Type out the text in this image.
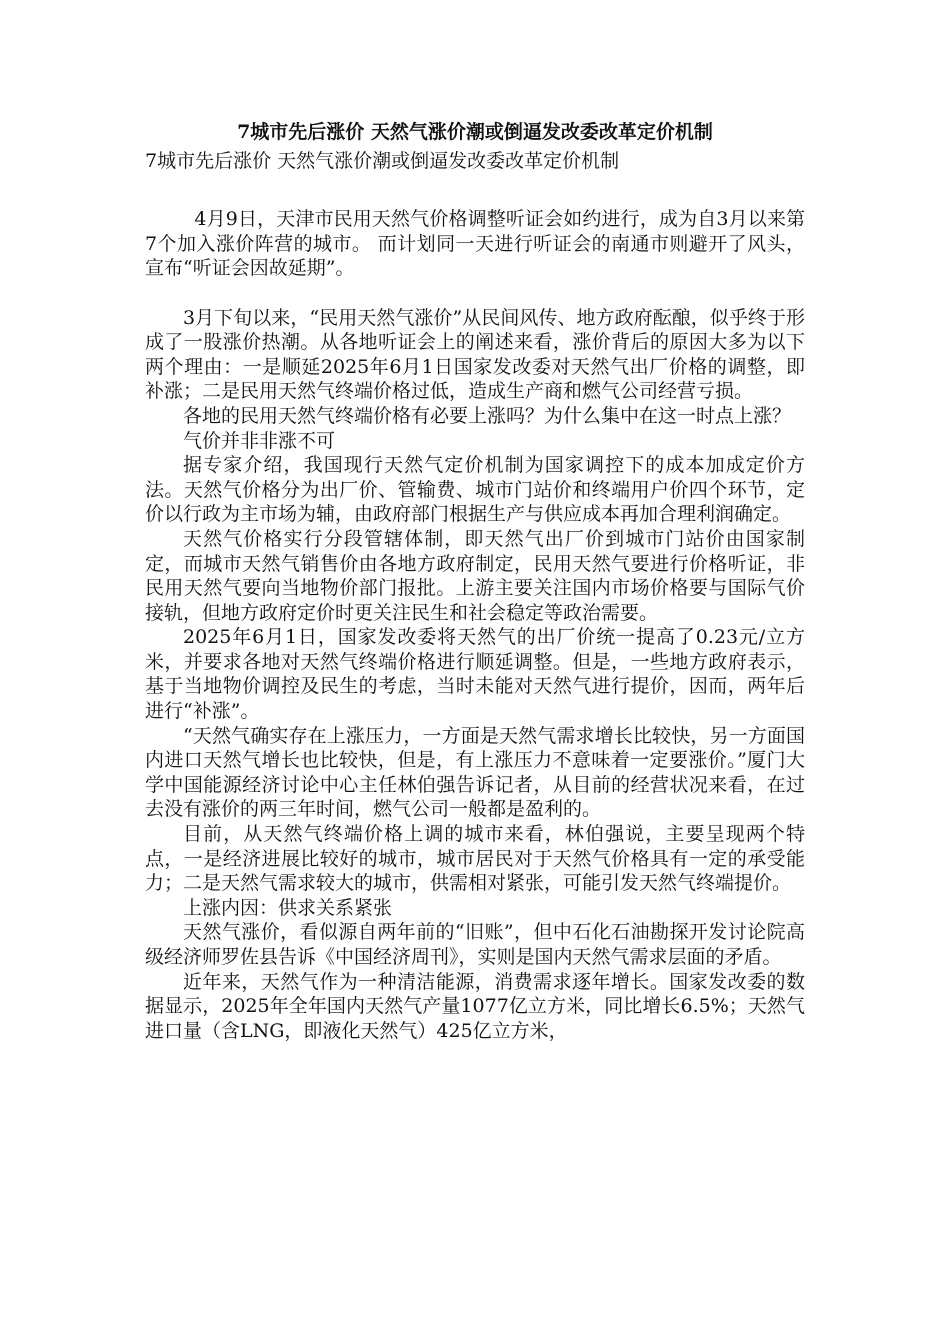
7城市先后涨价 天然气涨价潮或倒逼发改委改革定价机制
7城市先后涨价 天然气涨价潮或倒逼发改委改革定价机制

4月9日，天津市民用天然气价格调整听证会如约进行，成为自3月以来第7个加入涨价阵营的城市。 而计划同一天进行听证会的南通市则避开了风头，宣布“听证会因故延期”。

3月下旬以来，“民用天然气涨价”从民间风传、地方政府酝酿，似乎终于形成了一股涨价热潮。从各地听证会上的阐述来看，涨价背后的原因大多为以下两个理由：一是顺延2025年6月1日国家发改委对天然气出厂价格的调整，即补涨；二是民用天然气终端价格过低，造成生产商和燃气公司经营亏损。

各地的民用天然气终端价格有必要上涨吗？为什么集中在这一时点上涨？

气价并非非涨不可

据专家介绍，我国现行天然气定价机制为国家调控下的成本加成定价方法。天然气价格分为出厂价、管输费、城市门站价和终端用户价四个环节，定价以行政为主市场为辅，由政府部门根据生产与供应成本再加合理利润确定。

天然气价格实行分段管辖体制，即天然气出厂价到城市门站价由国家制定，而城市天然气销售价由各地方政府制定，民用天然气要进行价格听证，非民用天然气要向当地物价部门报批。上游主要关注国内市场价格要与国际气价接轨，但地方政府定价时更关注民生和社会稳定等政治需要。

2025年6月1日，国家发改委将天然气的出厂价统一提高了0.23元/立方米，并要求各地对天然气终端价格进行顺延调整。但是，一些地方政府表示，基于当地物价调控及民生的考虑，当时未能对天然气进行提价，因而，两年后进行“补涨”。

“天然气确实存在上涨压力，一方面是天然气需求增长比较快，另一方面国内进口天然气增长也比较快，但是，有上涨压力不意味着一定要涨价。”厦门大学中国能源经济讨论中心主任林伯强告诉记者，从目前的经营状况来看，在过去没有涨价的两三年时间，燃气公司一般都是盈利的。

目前，从天然气终端价格上调的城市来看，林伯强说，主要呈现两个特点，一是经济进展比较好的城市，城市居民对于天然气价格具有一定的承受能力；二是天然气需求较大的城市，供需相对紧张，可能引发天然气终端提价。

上涨内因：供求关系紧张

天然气涨价，看似源自两年前的“旧账”，但中石化石油勘探开发讨论院高级经济师罗佐县告诉《中国经济周刊》，实则是国内天然气需求层面的矛盾。

近年来，天然气作为一种清洁能源，消费需求逐年增长。国家发改委的数据显示，2025年全年国内天然气产量1077亿立方米，同比增长6.5%；天然气进口量（含LNG，即液化天然气）425亿立方米，
